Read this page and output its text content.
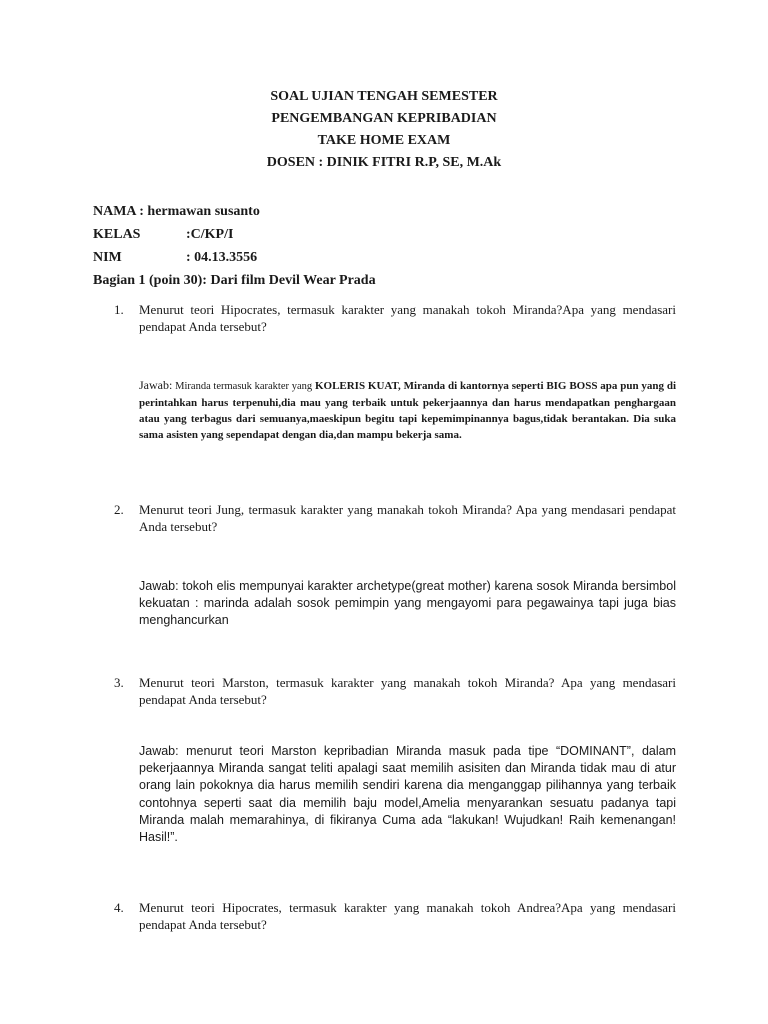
SOAL UJIAN TENGAH SEMESTER
PENGEMBANGAN KEPRIBADIAN
TAKE HOME EXAM
DOSEN : DINIK FITRI R.P, SE, M.Ak
NAMA : hermawan susanto
KELAS	:C/KP/I
NIM	: 04.13.3556
Bagian 1 (poin 30): Dari film Devil Wear Prada
1.	Menurut teori Hipocrates, termasuk karakter yang manakah tokoh Miranda?Apa yang mendasari pendapat Anda tersebut?
Jawab: Miranda termasuk karakter yang KOLERIS KUAT, Miranda di kantornya seperti BIG BOSS apa pun yang di perintahkan harus terpenuhi,dia mau yang terbaik untuk pekerjaannya dan harus mendapatkan penghargaan atau yang terbagus dari semuanya,maeskipun begitu tapi kepemimpinannya bagus,tidak berantakan. Dia suka sama asisten yang sependapat dengan dia,dan mampu bekerja sama.
2.	Menurut teori Jung, termasuk karakter yang manakah tokoh Miranda? Apa yang mendasari pendapat Anda tersebut?
Jawab: tokoh elis mempunyai karakter archetype(great mother) karena sosok Miranda bersimbol kekuatan : marinda adalah sosok pemimpin yang mengayomi para pegawainya tapi juga bias menghancurkan
3.	Menurut teori Marston, termasuk karakter yang manakah tokoh Miranda? Apa yang mendasari pendapat Anda tersebut?
Jawab: menurut teori Marston kepribadian Miranda masuk pada tipe “DOMINANT”, dalam pekerjaannya Miranda sangat teliti apalagi saat memilih asisiten dan Miranda tidak mau di atur orang lain pokoknya dia harus memilih sendiri karena dia menganggap pilihannya yang terbaik contohnya seperti saat dia memilih baju model,Amelia menyarankan sesuatu padanya tapi Miranda malah memarahinya, di fikiranya Cuma ada “lakukan! Wujudkan! Raih kemenangan! Hasil!”.
4.	Menurut teori Hipocrates, termasuk karakter yang manakah tokoh Andrea?Apa yang mendasari pendapat Anda tersebut?
